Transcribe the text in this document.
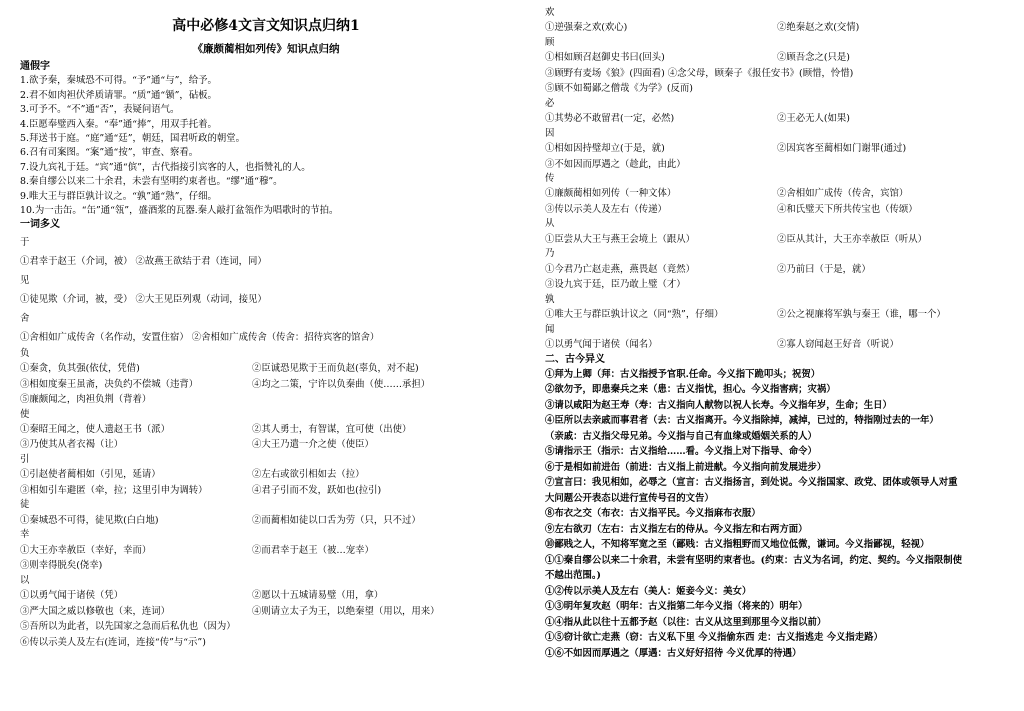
高中必修4文言文知识点归纳1
《廉颇蔺相如列传》知识点归纳
通假字
1.欲予秦，秦城恐不可得。“予”通“与”，给予。
2.君不如肉袒伏斧质请罪。“质”通“锧”，砧板。
3.可予不。“不”通“否”，表疑问语气。
4.臣愿奉璧西入秦。“奉”通“捧”，用双手托着。
5.拜送书于庭。“庭”通“廷”，朝廷，国君听政的朝堂。
6.召有司案图。“案”通“按”，审查、察看。
7.设九宾礼于廷。“宾”通“傧”，古代指接引宾客的人，也指赞礼的人。
8.秦自缪公以来二十余君，未尝有坚明约束者也。“缪”通“穆”。
9.唯大王与群臣孰计议之。“孰”通“熟”，仔细。
10.为一击缶。“缶”通“瓴”，盛酒浆的瓦器.秦人敲打盆瓴作为唱歌时的节拍。
一词多义
于
①君幸于赵王（介词，被） ②故燕王欲结于君（连词，同）
见
①徒见欺（介词，被，受） ②大王见臣列观（动词，接见）
舍
①舍相如广成传舍（名作动，安置住宿） ②舍相如广成传舍（传舍：招待宾客的馆舍）
负
①秦贪，负其强(依仗，凭借)	②臣诚恐见欺于王而负赵(辜负，对不起)
③相如度秦王虽斋，决负约不偿城（违背）	④均之二策，宁许以负秦曲（使……承担）
⑤廉颇闻之，肉袒负荆（背着）
使
①秦昭王闻之，使人遗赵王书（派）	②其人勇士，有智谋，宜可使（出使）
③乃使其从者衣褐（让）	④大王乃遣一介之使（使臣）
引
①引赵使者蔺相如（引见，延请）	②左右或欲引相如去（拉）
③相如引车避匿（牵，拉；这里引申为调转）	④君子引而不发，跃如也(拉引)
徒
①秦城恐不可得，徒见欺(白白地)	②而蔺相如徒以口舌为劳（只，只不过）
幸
①大王亦幸赦臣（幸好，幸而）	②而君幸于赵王（被…宠幸）
③则幸得脱矣(侥幸)
以
①以勇气闻于诸侯（凭）	②愿以十五城请易璧（用，拿）
③严大国之威以修敬也（来，连词）	④则请立太子为王，以绝秦望（用以，用来）
⑤吾所以为此者，以先国家之急而后私仇也（因为）
⑥传以示美人及左右(连词，连接“传”与“示”)
欢
①逆强秦之欢(欢心)	②绝秦赵之欢(交情)
顾
①相如顾召赵御史书曰(回头)	②顾吾念之(只是)
③顾野有麦场《狼》(四面看) ④念父母，顾秦子《报任安书》(顾惜，怜惜)
⑤顾不如蜀鄙之僧哉《为学》(反而)
必
①其势必不敢留君(一定，必然)	②王必无人(如果)
因
①相如因持璧却立(于是，就)	②因宾客至蔺相如门谢罪(通过)
③不如因而厚遇之（趁此，由此）
传
①廉颇蔺相如列传（一种文体）	②舍相如广成传（传舍，宾馆）
③传以示美人及左右（传递）	④和氏璧天下所共传宝也（传颂）
从
①臣尝从大王与燕王会境上（跟从）	②臣从其计，大王亦幸赦臣（听从）
乃
①今君乃亡赵走燕，燕畏赵（竟然）	②乃前曰（于是，就）
③设九宾于廷，臣乃敢上璧（才）
孰
①唯大王与群臣孰计议之（同“熟”，仔细）	②公之视廉将军孰与秦王（谁，哪一个）
闻
①以勇气闻于诸侯（闻名）	②寡人窃闻赵王好音（听说）
二、古今异义
①拜为上卿（拜：古义指授予官职.任命。今义指下跪叩头；祝贺）
②欲勿予，即患秦兵之来（患：古义指忧，担心。今义指害病；灾祸）
③请以咸阳为赵王寿（寿：古义指向人献物以祝人长寿。今义指年岁，生命；生日）
④臣所以去亲戚而事君者（去：古义指离开。今义指除掉，减掉，已过的，特指刚过去的一年）
（亲戚：古义指父母兄弟。今义指与自己有血缘或婚姻关系的人）
⑤请指示王（指示：古义指给……看。今义指上对下指导、命令）
⑥于是相如前进缶（前进：古义指上前进献。今义指向前发展进步）
⑦宣言曰：我见相如，必辱之（宣言：古义指扬言，到处说。今义指国家、政党、团体或领导人对重
大问题公开表态以进行宣传号召的文告）
⑧布衣之交（布衣：古义指平民。今义指麻布衣服）
⑨左右欲刃（左右：古义指左右的侍从。今义指左和右两方面）
⑩鄙贱之人，不知将军宽之至（鄙贱：古义指粗野而又地位低微，谦词。今义指鄙视，轻视）
①①秦自缪公以来二十余君，未尝有坚明约束者也。(约束：古义为名词，约定、契约。今义指限制使
不越出范围。)
①②传以示美人及左右（美人：姬妾今义：美女）
①③明年复攻赵（明年：古义指第二年今义指（将来的）明年）
①④指从此以往十五都予赵（以往：古义从这里到那里今义指以前）
①⑤窃计欲亡走燕（窃：古义私下里 今义指偷东西 走：古义指逃走 今义指走路）
①⑥不如因而厚遇之（厚遇：古义好好招待 今义优厚的待遇）
